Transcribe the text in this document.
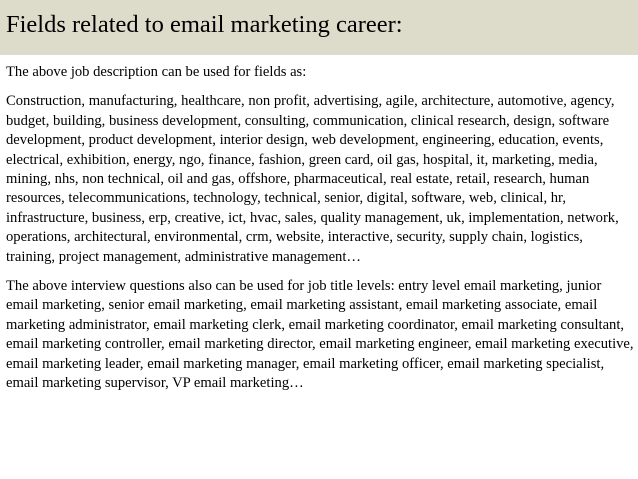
Fields related to email marketing career:

The above job description can be used for fields as:

Construction, manufacturing, healthcare, non profit, advertising, agile, architecture, automotive, agency, budget, building, business development, consulting, communication, clinical research, design, software development, product development, interior design, web development, engineering, education, events, electrical, exhibition, energy, ngo, finance, fashion, green card, oil gas, hospital, it, marketing, media, mining, nhs, non technical, oil and gas, offshore, pharmaceutical, real estate, retail, research, human resources, telecommunications, technology, technical, senior, digital, software, web, clinical, hr, infrastructure, business, erp, creative, ict, hvac, sales, quality management, uk, implementation, network, operations, architectural, environmental, crm, website, interactive, security, supply chain, logistics, training, project management, administrative management…

The above interview questions also can be used for job title levels: entry level email marketing, junior email marketing, senior email marketing, email marketing assistant, email marketing associate, email marketing administrator, email marketing clerk, email marketing coordinator, email marketing consultant, email marketing controller, email marketing director, email marketing engineer, email marketing executive, email marketing leader, email marketing manager, email marketing officer, email marketing specialist, email marketing supervisor, VP email marketing…
